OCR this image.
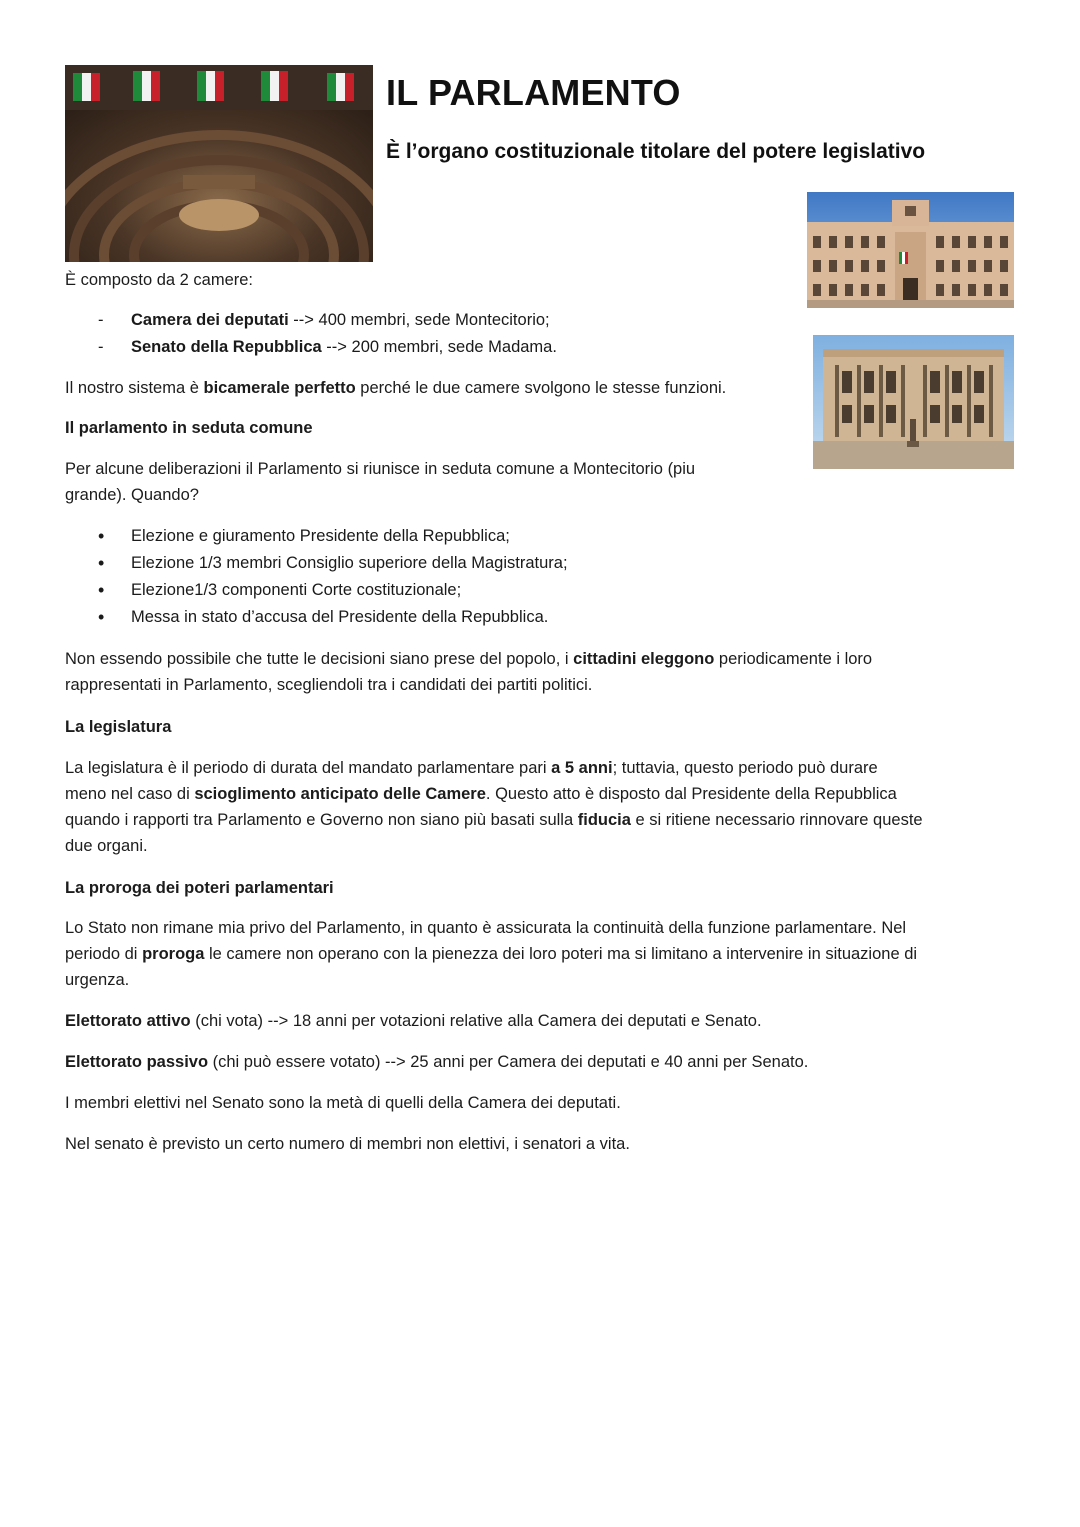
IL PARLAMENTO
È l’organo costituzionale titolare del potere legislativo

È composto da 2 camere:

- Camera dei deputati --> 400 membri, sede Montecitorio;
- Senato della Repubblica --> 200 membri, sede Madama.

Il nostro sistema è bicamerale perfetto perché le due camere svolgono le stesse funzioni.

Il parlamento in seduta comune

Per alcune deliberazioni il Parlamento si riunisce in seduta comune a Montecitorio (piu

grande). Quando?

• Elezione e giuramento Presidente della Repubblica;
• Elezione 1/3 membri Consiglio superiore della Magistratura;
• Elezione1/3 componenti Corte costituzionale;
• Messa in stato d’accusa del Presidente della Repubblica.

Non essendo possibile che tutte le decisioni siano prese del popolo, i cittadini eleggono periodicamente i loro

rappresentati in Parlamento, scegliendoli tra i candidati dei partiti politici.

La legislatura

La legislatura è il periodo di durata del mandato parlamentare pari a 5 anni; tuttavia, questo periodo può durare

meno nel caso di scioglimento anticipato delle Camere. Questo atto è disposto dal Presidente della Repubblica

quando i rapporti tra Parlamento e Governo non siano più basati sulla fiducia e si ritiene necessario rinnovare queste

due organi.

La proroga dei poteri parlamentari

Lo Stato non rimane mia privo del Parlamento, in quanto è assicurata la continuità della funzione parlamentare. Nel

periodo di proroga le camere non operano con la pienezza dei loro poteri ma si limitano a intervenire in situazione di

urgenza.

Elettorato attivo (chi vota) --> 18 anni per votazioni relative alla Camera dei deputati e Senato.

Elettorato passivo (chi può essere votato) --> 25 anni per Camera dei deputati e 40 anni per Senato.

I membri elettivi nel Senato sono la metà di quelli della Camera dei deputati.

Nel senato è previsto un certo numero di membri non elettivi, i senatori a vita.
